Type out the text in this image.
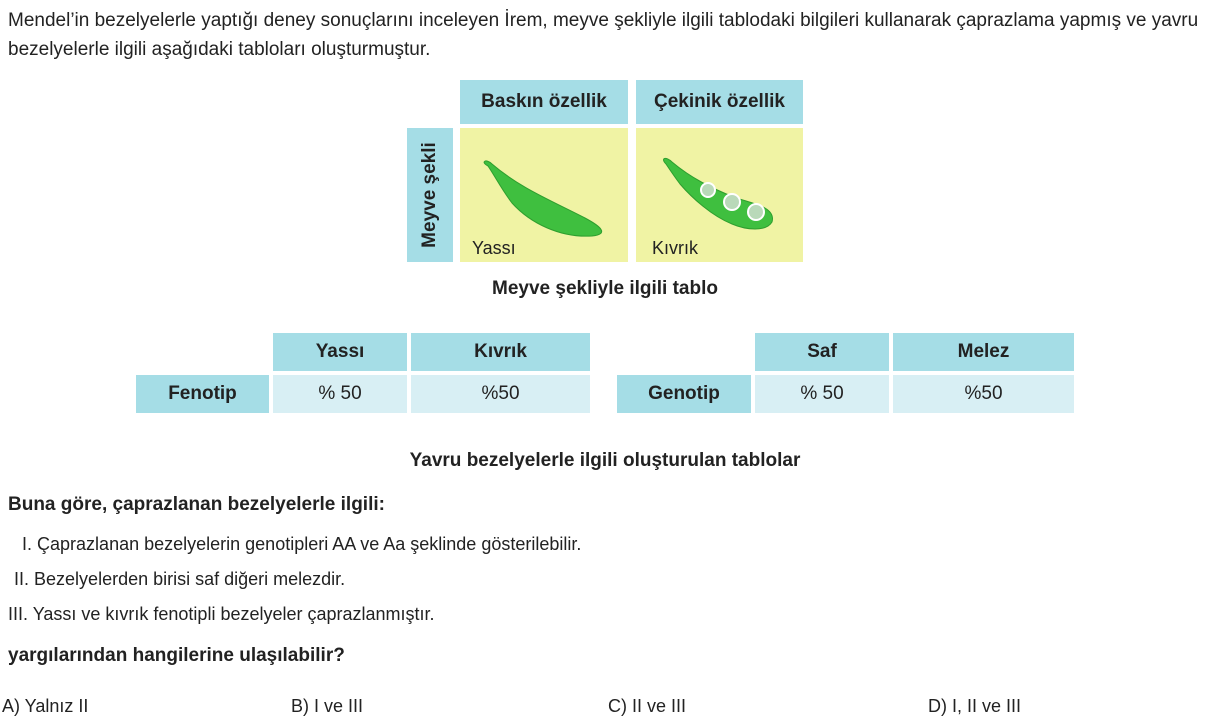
Mendel’in bezelyelerle yaptığı deney sonuçlarını inceleyen İrem, meyve şekliyle ilgili tablodaki bilgileri kullanarak çaprazlama yapmış ve yavru bezelyelerle ilgili aşağıdaki tabloları oluşturmuştur.
Baskın özellik	Çekinik özellik
Meyve şekli
Yassı	Kıvrık
Meyve şekliyle ilgili tablo
Yassı	Kıvrık
Fenotip	% 50	%50
Saf	Melez
Genotip	% 50	%50
Yavru bezelyelerle ilgili oluşturulan tablolar
Buna göre, çaprazlanan bezelyelerle ilgili:
I. Çaprazlanan bezelyelerin genotipleri AA ve Aa şeklinde gösterilebilir.
II. Bezelyelerden birisi saf diğeri melezdir.
III. Yassı ve kıvrık fenotipli bezelyeler çaprazlanmıştır.
yargılarından hangilerine ulaşılabilir?
A) Yalnız II	B) I ve III	C) II ve III	D) I, II ve III
